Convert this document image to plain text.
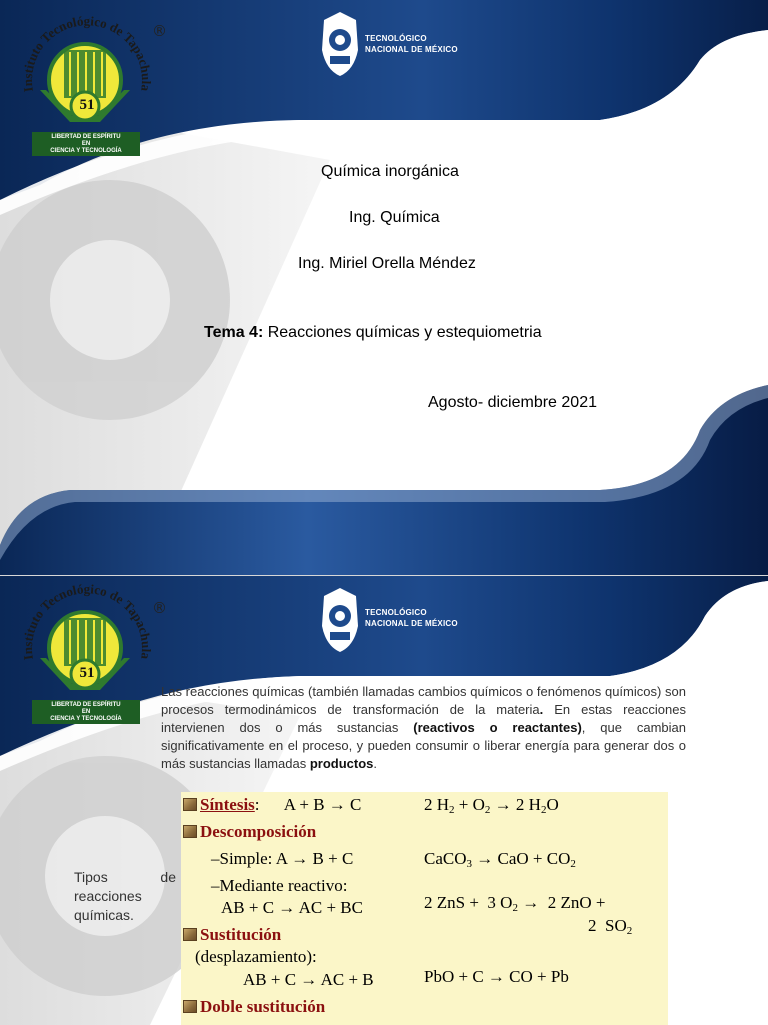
Instituto Tecnológico de Tapachula
51
LIBERTAD DE ESPÍRITU
EN
CIENCIA Y TECNOLOGÍA
®	TECNOLÓGICO
NACIONAL DE MÉXICO
Química inorgánica
Ing. Química
Ing. Miriel Orella Méndez
Tema 4: Reacciones químicas y estequiometria
Agosto- diciembre 2021
Instituto Tecnológico de Tapachula
51
LIBERTAD DE ESPÍRITU
EN
CIENCIA Y TECNOLOGÍA
®	TECNOLÓGICO
NACIONAL DE MÉXICO
Las reacciones químicas (también llamadas cambios químicos o fenómenos químicos) son procesos termodinámicos de transformación de la materia. En estas reacciones intervienen dos o más sustancias (reactivos o reactantes), que cambian significativamente en el proceso, y pueden consumir o liberar energía para generar dos o más sustancias llamadas productos.
Tipos de
reacciones
químicas.
Síntesis: A + B → C	2 $H_2 + O_2 \to 2$ $H_2O$
Descomposición
–Simple: A → B + C	CaCO$_3$ → CaO + $CO_2$
–Mediante reactivo:
AB + C → AC + BC	2 ZnS +  3 $O_2 \to 2$ ZnO +
2  $SO_2$
Sustitución
(desplazamiento):
AB + C → AC + B	PbO + C → CO + Pb
Doble sustitución
